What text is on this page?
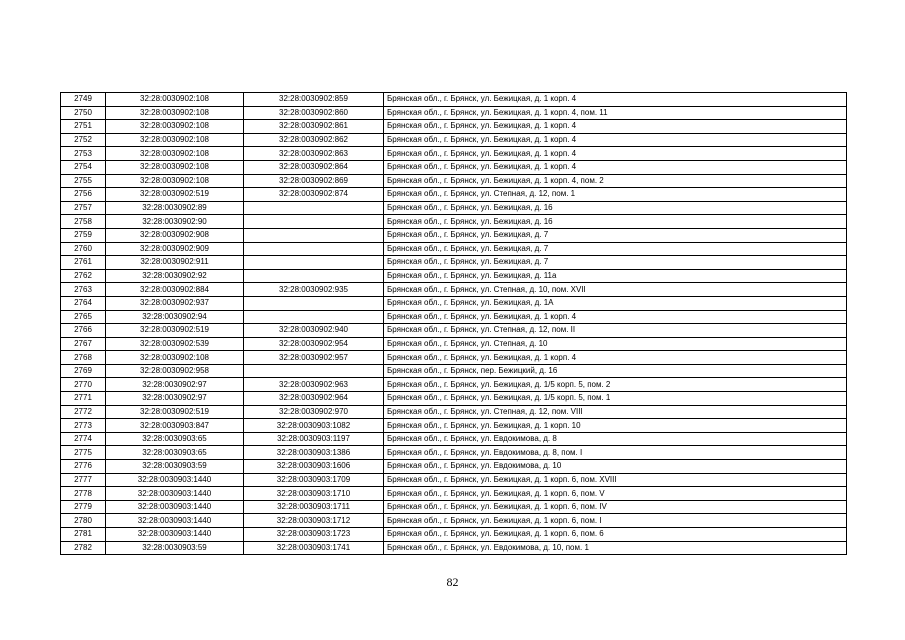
2749	32:28:0030902:108	32:28:0030902:859	Брянская обл., г. Брянск, ул. Бежицкая, д. 1 корп. 4
2750	32:28:0030902:108	32:28:0030902:860	Брянская обл., г. Брянск, ул. Бежицкая, д. 1 корп. 4, пом. 11
2751	32:28:0030902:108	32:28:0030902:861	Брянская обл., г. Брянск, ул. Бежицкая, д. 1 корп. 4
2752	32:28:0030902:108	32:28:0030902:862	Брянская обл., г. Брянск, ул. Бежицкая, д. 1 корп. 4
2753	32:28:0030902:108	32:28:0030902:863	Брянская обл., г. Брянск, ул. Бежицкая, д. 1 корп. 4
2754	32:28:0030902:108	32:28:0030902:864	Брянская обл., г. Брянск, ул. Бежицкая, д. 1 корп. 4
2755	32:28:0030902:108	32:28:0030902:869	Брянская обл., г. Брянск, ул. Бежицкая, д. 1 корп. 4, пом. 2
2756	32:28:0030902:519	32:28:0030902:874	Брянская обл., г. Брянск, ул. Степная, д. 12, пом. 1
2757	32:28:0030902:89		Брянская обл., г. Брянск, ул. Бежицкая, д. 16
2758	32:28:0030902:90		Брянская обл., г. Брянск, ул. Бежицкая, д. 16
2759	32:28:0030902:908		Брянская обл., г. Брянск, ул. Бежицкая, д. 7
2760	32:28:0030902:909		Брянская обл., г. Брянск, ул. Бежицкая, д. 7
2761	32:28:0030902:911		Брянская обл., г. Брянск, ул. Бежицкая, д. 7
2762	32:28:0030902:92		Брянская обл., г. Брянск, ул. Бежицкая, д. 11а
2763	32:28:0030902:884	32:28:0030902:935	Брянская обл., г. Брянск, ул. Степная, д. 10, пом. XVII
2764	32:28:0030902:937		Брянская обл., г. Брянск, ул. Бежицкая, д. 1А
2765	32:28:0030902:94		Брянская обл., г. Брянск, ул. Бежицкая, д. 1 корп. 4
2766	32:28:0030902:519	32:28:0030902:940	Брянская обл., г. Брянск, ул. Степная, д. 12, пом. II
2767	32:28:0030902:539	32:28:0030902:954	Брянская обл., г. Брянск, ул. Степная, д. 10
2768	32:28:0030902:108	32:28:0030902:957	Брянская обл., г. Брянск, ул. Бежицкая, д. 1 корп. 4
2769	32:28:0030902:958		Брянская обл., г. Брянск, пер. Бежицкий, д. 16
2770	32:28:0030902:97	32:28:0030902:963	Брянская обл., г. Брянск, ул. Бежицкая, д. 1/5 корп. 5, пом. 2
2771	32:28:0030902:97	32:28:0030902:964	Брянская обл., г. Брянск, ул. Бежицкая, д. 1/5 корп. 5, пом. 1
2772	32:28:0030902:519	32:28:0030902:970	Брянская обл., г. Брянск, ул. Степная, д. 12, пом. VIII
2773	32:28:0030903:847	32:28:0030903:1082	Брянская обл., г. Брянск, ул. Бежицкая, д. 1 корп. 10
2774	32:28:0030903:65	32:28:0030903:1197	Брянская обл., г. Брянск, ул. Евдокимова, д. 8
2775	32:28:0030903:65	32:28:0030903:1386	Брянская обл., г. Брянск, ул. Евдокимова, д. 8, пом. I
2776	32:28:0030903:59	32:28:0030903:1606	Брянская обл., г. Брянск, ул. Евдокимова, д. 10
2777	32:28:0030903:1440	32:28:0030903:1709	Брянская обл., г. Брянск, ул. Бежицкая, д. 1 корп. 6, пом. XVIII
2778	32:28:0030903:1440	32:28:0030903:1710	Брянская обл., г. Брянск, ул. Бежицкая, д. 1 корп. 6, пом. V
2779	32:28:0030903:1440	32:28:0030903:1711	Брянская обл., г. Брянск, ул. Бежицкая, д. 1 корп. 6, пом. IV
2780	32:28:0030903:1440	32:28:0030903:1712	Брянская обл., г. Брянск, ул. Бежицкая, д. 1 корп. 6, пом. I
2781	32:28:0030903:1440	32:28:0030903:1723	Брянская обл., г. Брянск, ул. Бежицкая, д. 1 корп. 6, пом. 6
2782	32:28:0030903:59	32:28:0030903:1741	Брянская обл., г. Брянск, ул. Евдокимова, д. 10, пом. 1
82
